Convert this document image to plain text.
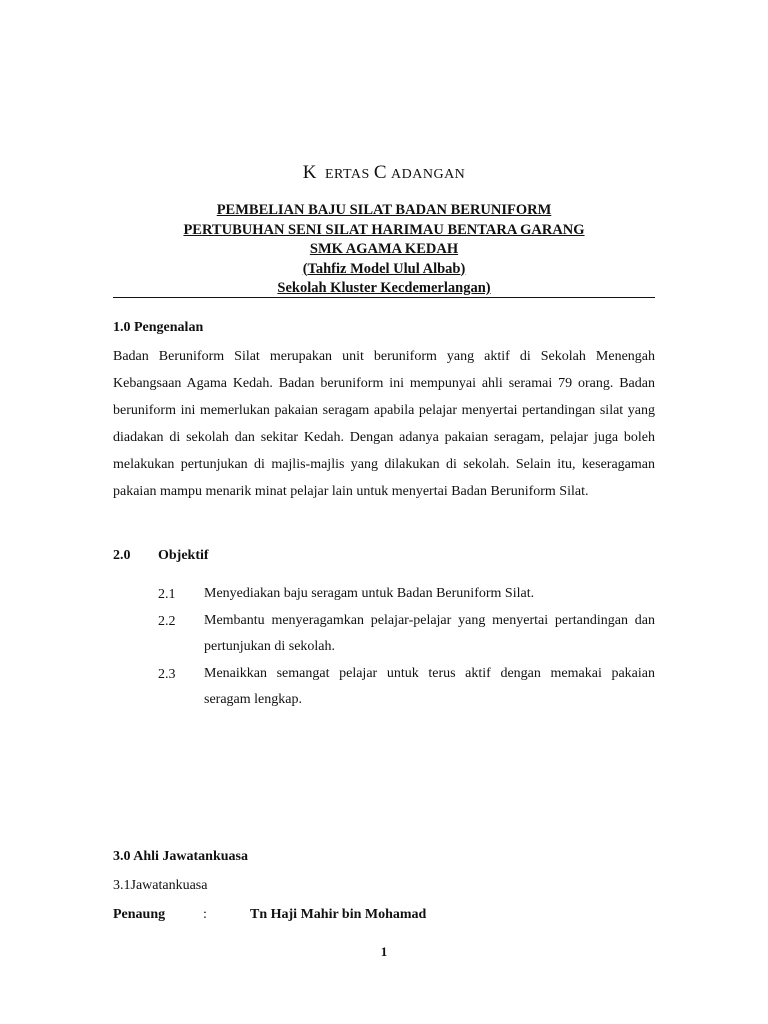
K ERTAS C ADANGAN
PEMBELIAN BAJU SILAT BADAN BERUNIFORM
PERTUBUHAN SENI SILAT HARIMAU BENTARA GARANG
SMK AGAMA KEDAH
(Tahfiz Model Ulul Albab)
Sekolah Kluster Kecdemerlangan)
1.0 Pengenalan
Badan Beruniform Silat merupakan unit beruniform yang aktif di Sekolah Menengah Kebangsaan Agama Kedah. Badan beruniform ini mempunyai ahli seramai 79 orang. Badan beruniform ini memerlukan pakaian seragam apabila pelajar menyertai pertandingan silat yang diadakan di sekolah dan sekitar Kedah. Dengan adanya pakaian seragam, pelajar juga boleh melakukan pertunjukan di majlis-majlis yang dilakukan di sekolah. Selain itu, keseragaman pakaian mampu menarik minat pelajar lain untuk menyertai Badan Beruniform Silat.
2.0 Objektif
2.1 Menyediakan baju seragam untuk Badan Beruniform Silat.
2.2 Membantu menyeragamkan pelajar-pelajar yang menyertai pertandingan dan pertunjukan di sekolah.
2.3 Menaikkan semangat pelajar untuk terus aktif dengan memakai pakaian seragam lengkap.
3.0 Ahli Jawatankuasa
3.1Jawatankuasa
Penaung	:	Tn Haji Mahir bin Mohamad
1
